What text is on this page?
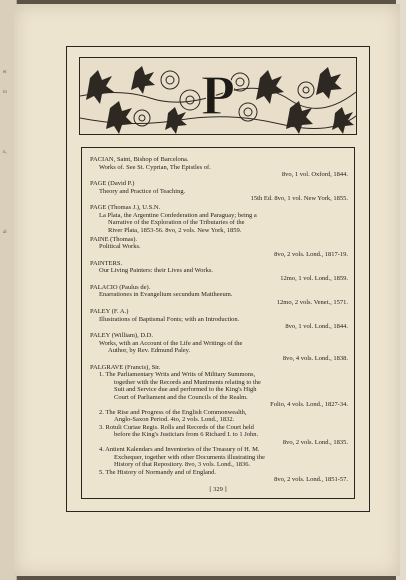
et
in
n,
al
P
PACIAN, Saint, Bishop of Barcelona.
Works of. See St. Cyprian, The Epistles of.
8vo, 1 vol. Oxford, 1844.
PAGE (David P.)
Theory and Practice of Teaching.
15th Ed. 8vo, 1 vol. New York, 1855.
PAGE (Thomas J.), U.S.N.
La Plata, the Argentine Confederation and Paraguay; being a
Narrative of the Exploration of the Tributaries of the
River Plata, 1853-56. 8vo, 2 vols. New York, 1859.
PAINE (Thomas).
Political Works.
8vo, 2 vols. Lond., 1817-19.
PAINTERS.
Our Living Painters: their Lives and Works.
12mo, 1 vol. Lond., 1859.
PALACIO (Paulus de).
Enarrationes in Evangelium secundum Mattheeum.
12mo, 2 vols. Venet., 1571.
PALEY (F. A.)
Illustrations of Baptismal Fonts; with an Introduction.
8vo, 1 vol. Lond., 1844.
PALEY (William), D.D.
Works, with an Account of the Life and Writings of the
Author, by Rev. Edmund Paley.
8vo, 4 vols. Lond., 1838.
PALGRAVE (Francis), Sir.
1. The Parliamentary Writs and Writs of Military Summons,
together with the Records and Muniments relating to the
Suit and Service due and performed to the King's High
Court of Parliament and the Councils of the Realm.
Folio, 4 vols. Lond., 1827-34.
2. The Rise and Progress of the English Commonwealth,
Anglo-Saxon Period. 4to, 2 vols. Lond., 1832.
3. Rotuli Curiae Regis. Rolls and Records of the Court held
before the King's Justiciars from 6 Richard I. to 1 John.
8vo, 2 vols. Lond., 1835.
4. Antient Kalendars and Inventories of the Treasury of H. M.
Exchequer, together with other Documents illustrating the
History of that Repository. 8vo, 3 vols. Lond., 1836.
5. The History of Normandy and of England.
8vo, 2 vols. Lond., 1851-57.
[ 329 ]
